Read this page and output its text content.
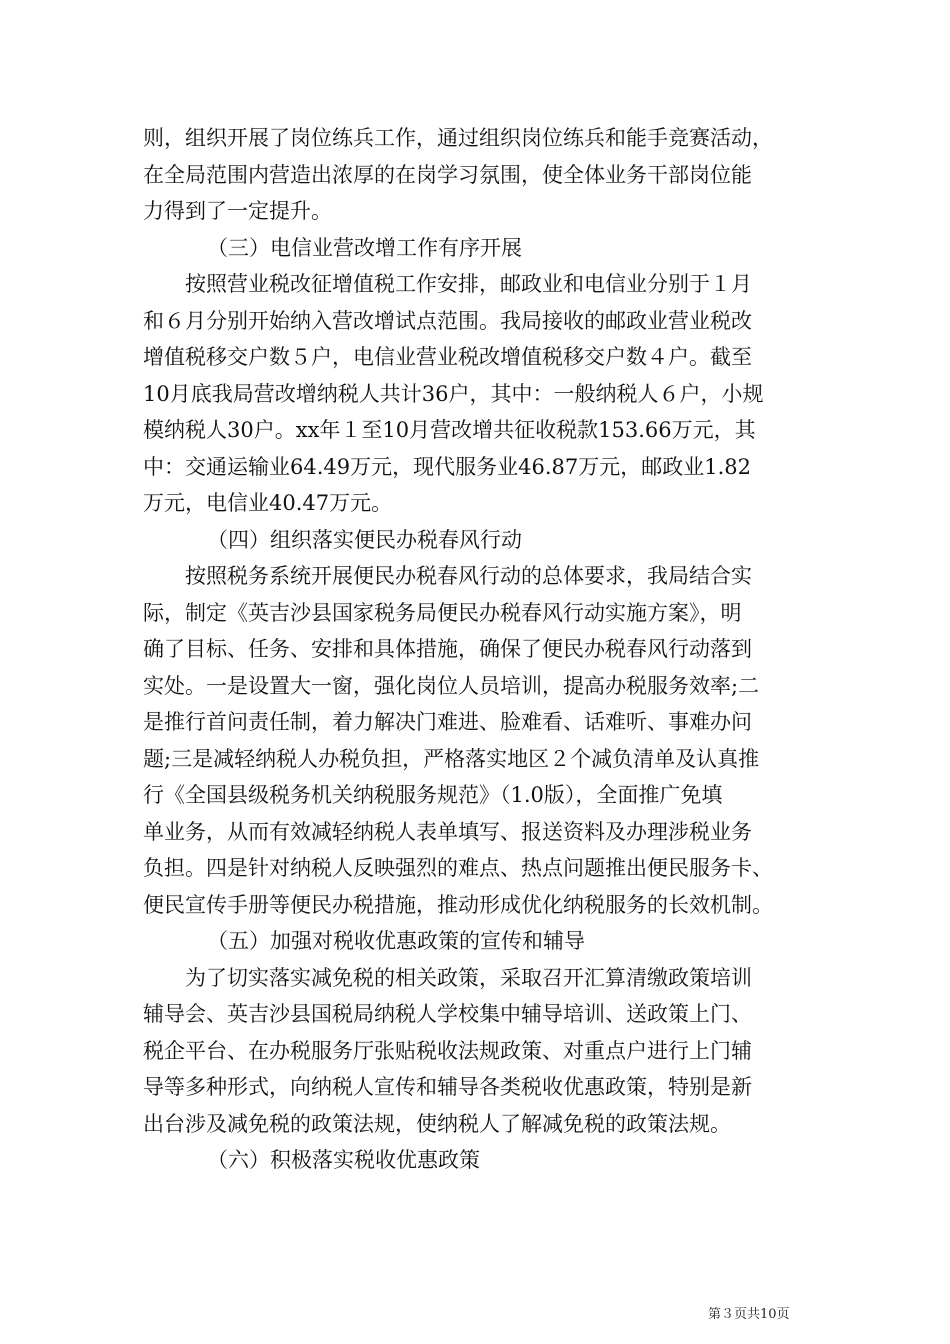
则，组织开展了岗位练兵工作，通过组织岗位练兵和能手竞赛活动，
在全局范围内营造出浓厚的在岗学习氛围，使全体业务干部岗位能
力得到了一定提升。
（三）电信业营改增工作有序开展
按照营业税改征增值税工作安排，邮政业和电信业分别于１月
和６月分别开始纳入营改增试点范围。我局接收的邮政业营业税改
增值税移交户数５户，电信业营业税改增值税移交户数４户。截至
10月底我局营改增纳税人共计36户，其中：一般纳税人６户，小规
模纳税人30户。xx年１至10月营改增共征收税款153.66万元，其
中：交通运输业64.49万元，现代服务业46.87万元，邮政业1.82
万元，电信业40.47万元。
（四）组织落实便民办税春风行动
按照税务系统开展便民办税春风行动的总体要求，我局结合实
际，制定《英吉沙县国家税务局便民办税春风行动实施方案》，明
确了目标、任务、安排和具体措施，确保了便民办税春风行动落到
实处。一是设置大一窗，强化岗位人员培训，提高办税服务效率;二
是推行首问责任制，着力解决门难进、脸难看、话难听、事难办问
题;三是减轻纳税人办税负担，严格落实地区２个减负清单及认真推
行《全国县级税务机关纳税服务规范》（1.0版），全面推广免填
单业务，从而有效减轻纳税人表单填写、报送资料及办理涉税业务
负担。四是针对纳税人反映强烈的难点、热点问题推出便民服务卡、
便民宣传手册等便民办税措施，推动形成优化纳税服务的长效机制。
（五）加强对税收优惠政策的宣传和辅导
为了切实落实减免税的相关政策，采取召开汇算清缴政策培训
辅导会、英吉沙县国税局纳税人学校集中辅导培训、送政策上门、
税企平台、在办税服务厅张贴税收法规政策、对重点户进行上门辅
导等多种形式，向纳税人宣传和辅导各类税收优惠政策，特别是新
出台涉及减免税的政策法规，使纳税人了解减免税的政策法规。
（六）积极落实税收优惠政策
第３页共10页
